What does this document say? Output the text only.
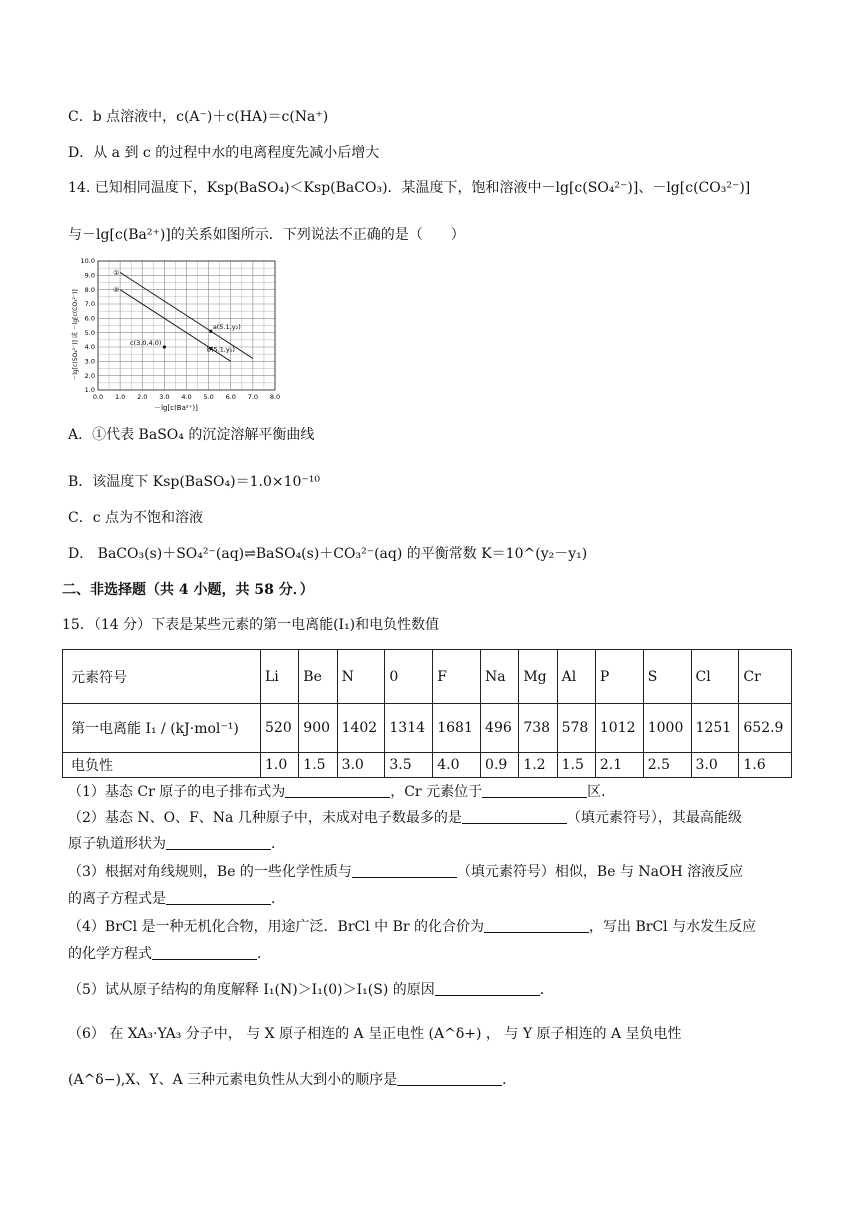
C．b 点溶液中，c(A⁻)＋c(HA)＝c(Na⁺)
D．从 a 到 c 的过程中水的电离程度先减小后增大
14. 已知相同温度下，Ksp(BaSO₄)＜Ksp(BaCO₃)．某温度下，饱和溶液中－lg[c(SO₄²⁻)]、－lg[c(CO₃²⁻)]
与－lg[c(Ba²⁺)]的关系如图所示．下列说法不正确的是（　　）
0.0 1.0 2.0 3.0 4.0 5.0 6.0 7.0 8.0
1.0
2.0
3.0
4.0
5.0
6.0
7.0
8.0
9.0
10.0
①
②
a(5.1,y₂)
b(5.1,y₁)
c(3.0,4.0)
－lg[c(Ba²⁺)]
－lg[c(SO₄²⁻)] 或 －lg[c(CO₃²⁻)]
A．①代表 BaSO₄ 的沉淀溶解平衡曲线
B．该温度下 Ksp(BaSO₄)＝1.0×10⁻¹⁰
C．c 点为不饱和溶液
D． BaCO₃(s)＋SO₄²⁻(aq)⇌BaSO₄(s)＋CO₃²⁻(aq) 的平衡常数 K＝10^(y₂－y₁)
二、非选择题（共 4 小题，共 58 分．）
15．（14 分）下表是某些元素的第一电离能(I₁)和电负性数值
元素符号	Li	Be	N	0	F	Na	Mg	Al	P	S	Cl	Cr
第一电离能 I₁ / (kJ·mol⁻¹)	520	900	1402	1314	1681	496	738	578	1012	1000	1251	652.9
电负性	1.0	1.5	3.0	3.5	4.0	0.9	1.2	1.5	2.1	2.5	3.0	1.6
（1）基态 Cr 原子的电子排布式为	，Cr 元素位于	区．
（2）基态 N、O、F、Na 几种原子中，未成对电子数最多的是	（填元素符号），其最高能级
原子轨道形状为	．
（3）根据对角线规则，Be 的一些化学性质与	（填元素符号）相似，Be 与 NaOH 溶液反应
的离子方程式是	．
（4）BrCl 是一种无机化合物，用途广泛．BrCl 中 Br 的化合价为	，写出 BrCl 与水发生反应
的化学方程式	．
（5）试从原子结构的角度解释 I₁(N)＞I₁(0)＞I₁(S) 的原因	．
（6） 在 XA₃·YA₃ 分子中， 与 X 原子相连的 A 呈正电性 (A^δ+) ， 与 Y 原子相连的 A 呈负电性
(A^δ−),X、Y、A 三种元素电负性从大到小的顺序是	．
